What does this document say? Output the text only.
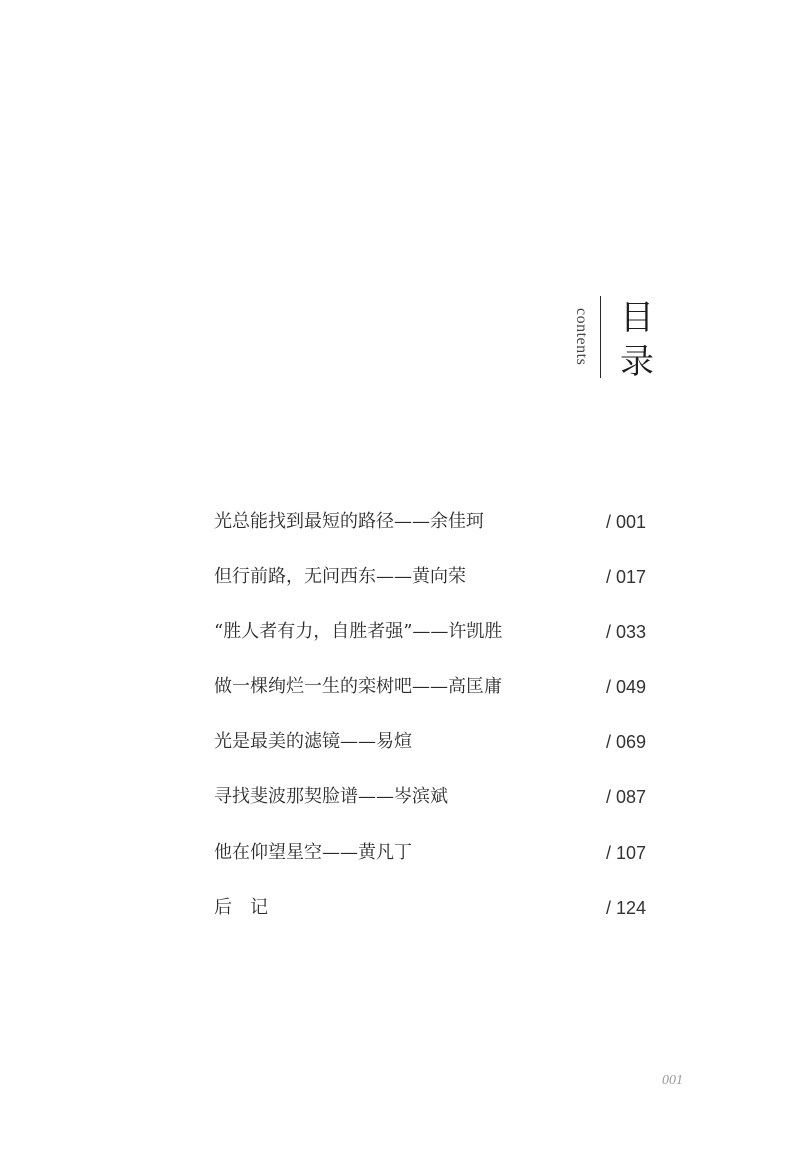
contents 目
录
光总能找到最短的路径——余佳珂	/ 001
但行前路，无问西东——黄向荣	/ 017
“胜人者有力，自胜者强”——许凯胜	/ 033
做一棵绚烂一生的栾树吧——高匡庸	/ 049
光是最美的滤镜——易煊	/ 069
寻找斐波那契脸谱——岑滨斌	/ 087
他在仰望星空——黄凡丁	/ 107
后　记	/ 124
001
